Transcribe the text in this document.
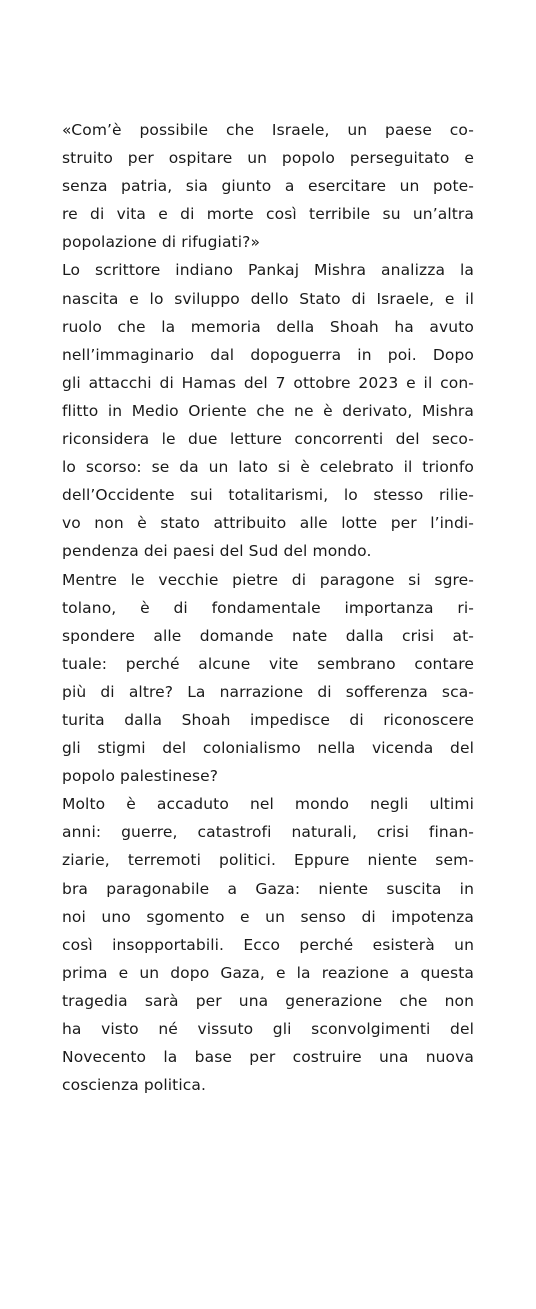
«Com’è possibile che Israele, un paese co-
struito per ospitare un popolo perseguitato e
senza patria, sia giunto a esercitare un pote-
re di vita e di morte così terribile su un’altra
popolazione di rifugiati?»

Lo scrittore indiano Pankaj Mishra analizza la
nascita e lo sviluppo dello Stato di Israele, e il
ruolo che la memoria della Shoah ha avuto
nell’immaginario dal dopoguerra in poi. Dopo
gli attacchi di Hamas del 7 ottobre 2023 e il con-
flitto in Medio Oriente che ne è derivato, Mishra
riconsidera le due letture concorrenti del seco-
lo scorso: se da un lato si è celebrato il trionfo
dell’Occidente sui totalitarismi, lo stesso rilie-
vo non è stato attribuito alle lotte per l’indi-
pendenza dei paesi del Sud del mondo.

Mentre le vecchie pietre di paragone si sgre-
tolano, è di fondamentale importanza ri-
spondere alle domande nate dalla crisi at-
tuale: perché alcune vite sembrano contare
più di altre? La narrazione di sofferenza sca-
turita dalla Shoah impedisce di riconoscere
gli stigmi del colonialismo nella vicenda del
popolo palestinese?

Molto è accaduto nel mondo negli ultimi
anni: guerre, catastrofi naturali, crisi finan-
ziarie, terremoti politici. Eppure niente sem-
bra paragonabile a Gaza: niente suscita in
noi uno sgomento e un senso di impotenza
così insopportabili. Ecco perché esisterà un
prima e un dopo Gaza, e la reazione a questa
tragedia sarà per una generazione che non
ha visto né vissuto gli sconvolgimenti del
Novecento la base per costruire una nuova
coscienza politica.
